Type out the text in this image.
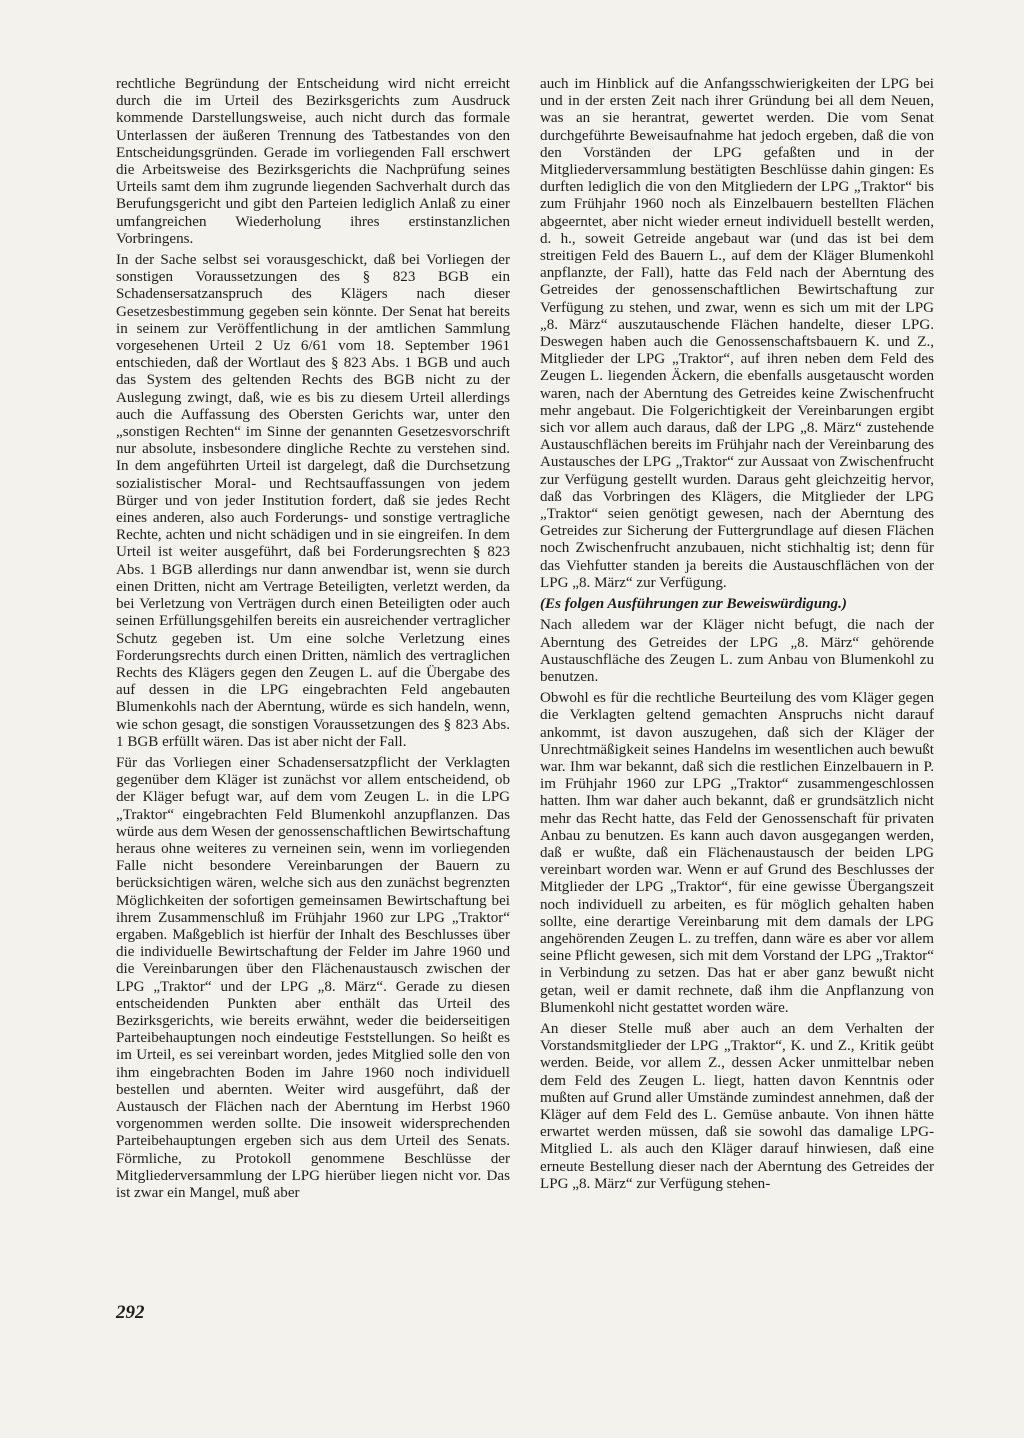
rechtliche Begründung der Entscheidung wird nicht erreicht durch die im Urteil des Bezirksgerichts zum Ausdruck kommende Darstellungsweise, auch nicht durch das formale Unterlassen der äußeren Trennung des Tatbestandes von den Entscheidungsgründen. Gerade im vorliegenden Fall erschwert die Arbeitsweise des Bezirksgerichts die Nachprüfung seines Urteils samt dem ihm zugrunde liegenden Sachverhalt durch das Berufungsgericht und gibt den Parteien lediglich Anlaß zu einer umfangreichen Wiederholung ihres erstinstanzlichen Vorbringens.

In der Sache selbst sei vorausgeschickt, daß bei Vorliegen der sonstigen Voraussetzungen des § 823 BGB ein Schadensersatzanspruch des Klägers nach dieser Gesetzesbestimmung gegeben sein könnte. Der Senat hat bereits in seinem zur Veröffentlichung in der amtlichen Sammlung vorgesehenen Urteil 2 Uz 6/61 vom 18. September 1961 entschieden, daß der Wortlaut des § 823 Abs. 1 BGB und auch das System des geltenden Rechts des BGB nicht zu der Auslegung zwingt, daß, wie es bis zu diesem Urteil allerdings auch die Auffassung des Obersten Gerichts war, unter den „sonstigen Rechten“ im Sinne der genannten Gesetzesvorschrift nur absolute, insbesondere dingliche Rechte zu verstehen sind. In dem angeführten Urteil ist dargelegt, daß die Durchsetzung sozialistischer Moral- und Rechtsauffassungen von jedem Bürger und von jeder Institution fordert, daß sie jedes Recht eines anderen, also auch Forderungs- und sonstige vertragliche Rechte, achten und nicht schädigen und in sie eingreifen. In dem Urteil ist weiter ausgeführt, daß bei Forderungsrechten § 823 Abs. 1 BGB allerdings nur dann anwendbar ist, wenn sie durch einen Dritten, nicht am Vertrage Beteiligten, verletzt werden, da bei Verletzung von Verträgen durch einen Beteiligten oder auch seinen Erfüllungsgehilfen bereits ein ausreichender vertraglicher Schutz gegeben ist. Um eine solche Verletzung eines Forderungsrechts durch einen Dritten, nämlich des vertraglichen Rechts des Klägers gegen den Zeugen L. auf die Übergabe des auf dessen in die LPG eingebrachten Feld angebauten Blumenkohls nach der Aberntung, würde es sich handeln, wenn, wie schon gesagt, die sonstigen Voraussetzungen des § 823 Abs. 1 BGB erfüllt wären. Das ist aber nicht der Fall.

Für das Vorliegen einer Schadensersatzpflicht der Verklagten gegenüber dem Kläger ist zunächst vor allem entscheidend, ob der Kläger befugt war, auf dem vom Zeugen L. in die LPG „Traktor“ eingebrachten Feld Blumenkohl anzupflanzen. Das würde aus dem Wesen der genossenschaftlichen Bewirtschaftung heraus ohne weiteres zu verneinen sein, wenn im vorliegenden Falle nicht besondere Vereinbarungen der Bauern zu berücksichtigen wären, welche sich aus den zunächst begrenzten Möglichkeiten der sofortigen gemeinsamen Bewirtschaftung bei ihrem Zusammenschluß im Frühjahr 1960 zur LPG „Traktor“ ergaben. Maßgeblich ist hierfür der Inhalt des Beschlusses über die individuelle Bewirtschaftung der Felder im Jahre 1960 und die Vereinbarungen über den Flächenaustausch zwischen der LPG „Traktor“ und der LPG „8. März“. Gerade zu diesen entscheidenden Punkten aber enthält das Urteil des Bezirksgerichts, wie bereits erwähnt, weder die beiderseitigen Parteibehauptungen noch eindeutige Feststellungen. So heißt es im Urteil, es sei vereinbart worden, jedes Mitglied solle den von ihm eingebrachten Boden im Jahre 1960 noch individuell bestellen und abernten. Weiter wird ausgeführt, daß der Austausch der Flächen nach der Aberntung im Herbst 1960 vorgenommen werden sollte. Die insoweit widersprechenden Parteibehauptungen ergeben sich aus dem Urteil des Senats. Förmliche, zu Protokoll genommene Beschlüsse der Mitgliederversammlung der LPG hierüber liegen nicht vor. Das ist zwar ein Mangel, muß aber

auch im Hinblick auf die Anfangsschwierigkeiten der LPG bei und in der ersten Zeit nach ihrer Gründung bei all dem Neuen, was an sie herantrat, gewertet werden. Die vom Senat durchgeführte Beweisaufnahme hat jedoch ergeben, daß die von den Vorständen der LPG gefaßten und in der Mitgliederversammlung bestätigten Beschlüsse dahin gingen: Es durften lediglich die von den Mitgliedern der LPG „Traktor“ bis zum Frühjahr 1960 noch als Einzelbauern bestellten Flächen abgeerntet, aber nicht wieder erneut individuell bestellt werden, d. h., soweit Getreide angebaut war (und das ist bei dem streitigen Feld des Bauern L., auf dem der Kläger Blumenkohl anpflanzte, der Fall), hatte das Feld nach der Aberntung des Getreides der genossenschaftlichen Bewirtschaftung zur Verfügung zu stehen, und zwar, wenn es sich um mit der LPG „8. März“ auszutauschende Flächen handelte, dieser LPG. Deswegen haben auch die Genossenschaftsbauern K. und Z., Mitglieder der LPG „Traktor“, auf ihren neben dem Feld des Zeugen L. liegenden Äckern, die ebenfalls ausgetauscht worden waren, nach der Aberntung des Getreides keine Zwischenfrucht mehr angebaut. Die Folgerichtigkeit der Vereinbarungen ergibt sich vor allem auch daraus, daß der LPG „8. März“ zustehende Austauschflächen bereits im Frühjahr nach der Vereinbarung des Austausches der LPG „Traktor“ zur Aussaat von Zwischenfrucht zur Verfügung gestellt wurden. Daraus geht gleichzeitig hervor, daß das Vorbringen des Klägers, die Mitglieder der LPG „Traktor“ seien genötigt gewesen, nach der Aberntung des Getreides zur Sicherung der Futtergrundlage auf diesen Flächen noch Zwischenfrucht anzubauen, nicht stichhaltig ist; denn für das Viehfutter standen ja bereits die Austauschflächen von der LPG „8. März“ zur Verfügung.

(Es folgen Ausführungen zur Beweiswürdigung.)

Nach alledem war der Kläger nicht befugt, die nach der Aberntung des Getreides der LPG „8. März“ gehörende Austauschfläche des Zeugen L. zum Anbau von Blumenkohl zu benutzen.

Obwohl es für die rechtliche Beurteilung des vom Kläger gegen die Verklagten geltend gemachten Anspruchs nicht darauf ankommt, ist davon auszugehen, daß sich der Kläger der Unrechtmäßigkeit seines Handelns im wesentlichen auch bewußt war. Ihm war bekannt, daß sich die restlichen Einzelbauern in P. im Frühjahr 1960 zur LPG „Traktor“ zusammengeschlossen hatten. Ihm war daher auch bekannt, daß er grundsätzlich nicht mehr das Recht hatte, das Feld der Genossenschaft für privaten Anbau zu benutzen. Es kann auch davon ausgegangen werden, daß er wußte, daß ein Flächenaustausch der beiden LPG vereinbart worden war. Wenn er auf Grund des Beschlusses der Mitglieder der LPG „Traktor“, für eine gewisse Übergangszeit noch individuell zu arbeiten, es für möglich gehalten haben sollte, eine derartige Vereinbarung mit dem damals der LPG angehörenden Zeugen L. zu treffen, dann wäre es aber vor allem seine Pflicht gewesen, sich mit dem Vorstand der LPG „Traktor“ in Verbindung zu setzen. Das hat er aber ganz bewußt nicht getan, weil er damit rechnete, daß ihm die Anpflanzung von Blumenkohl nicht gestattet worden wäre.

An dieser Stelle muß aber auch an dem Verhalten der Vorstandsmitglieder der LPG „Traktor“, K. und Z., Kritik geübt werden. Beide, vor allem Z., dessen Acker unmittelbar neben dem Feld des Zeugen L. liegt, hatten davon Kenntnis oder mußten auf Grund aller Umstände zumindest annehmen, daß der Kläger auf dem Feld des L. Gemüse anbaute. Von ihnen hätte erwartet werden müssen, daß sie sowohl das damalige LPG-Mitglied L. als auch den Kläger darauf hinwiesen, daß eine erneute Bestellung dieser nach der Aberntung des Getreides der LPG „8. März“ zur Verfügung stehen-

292
